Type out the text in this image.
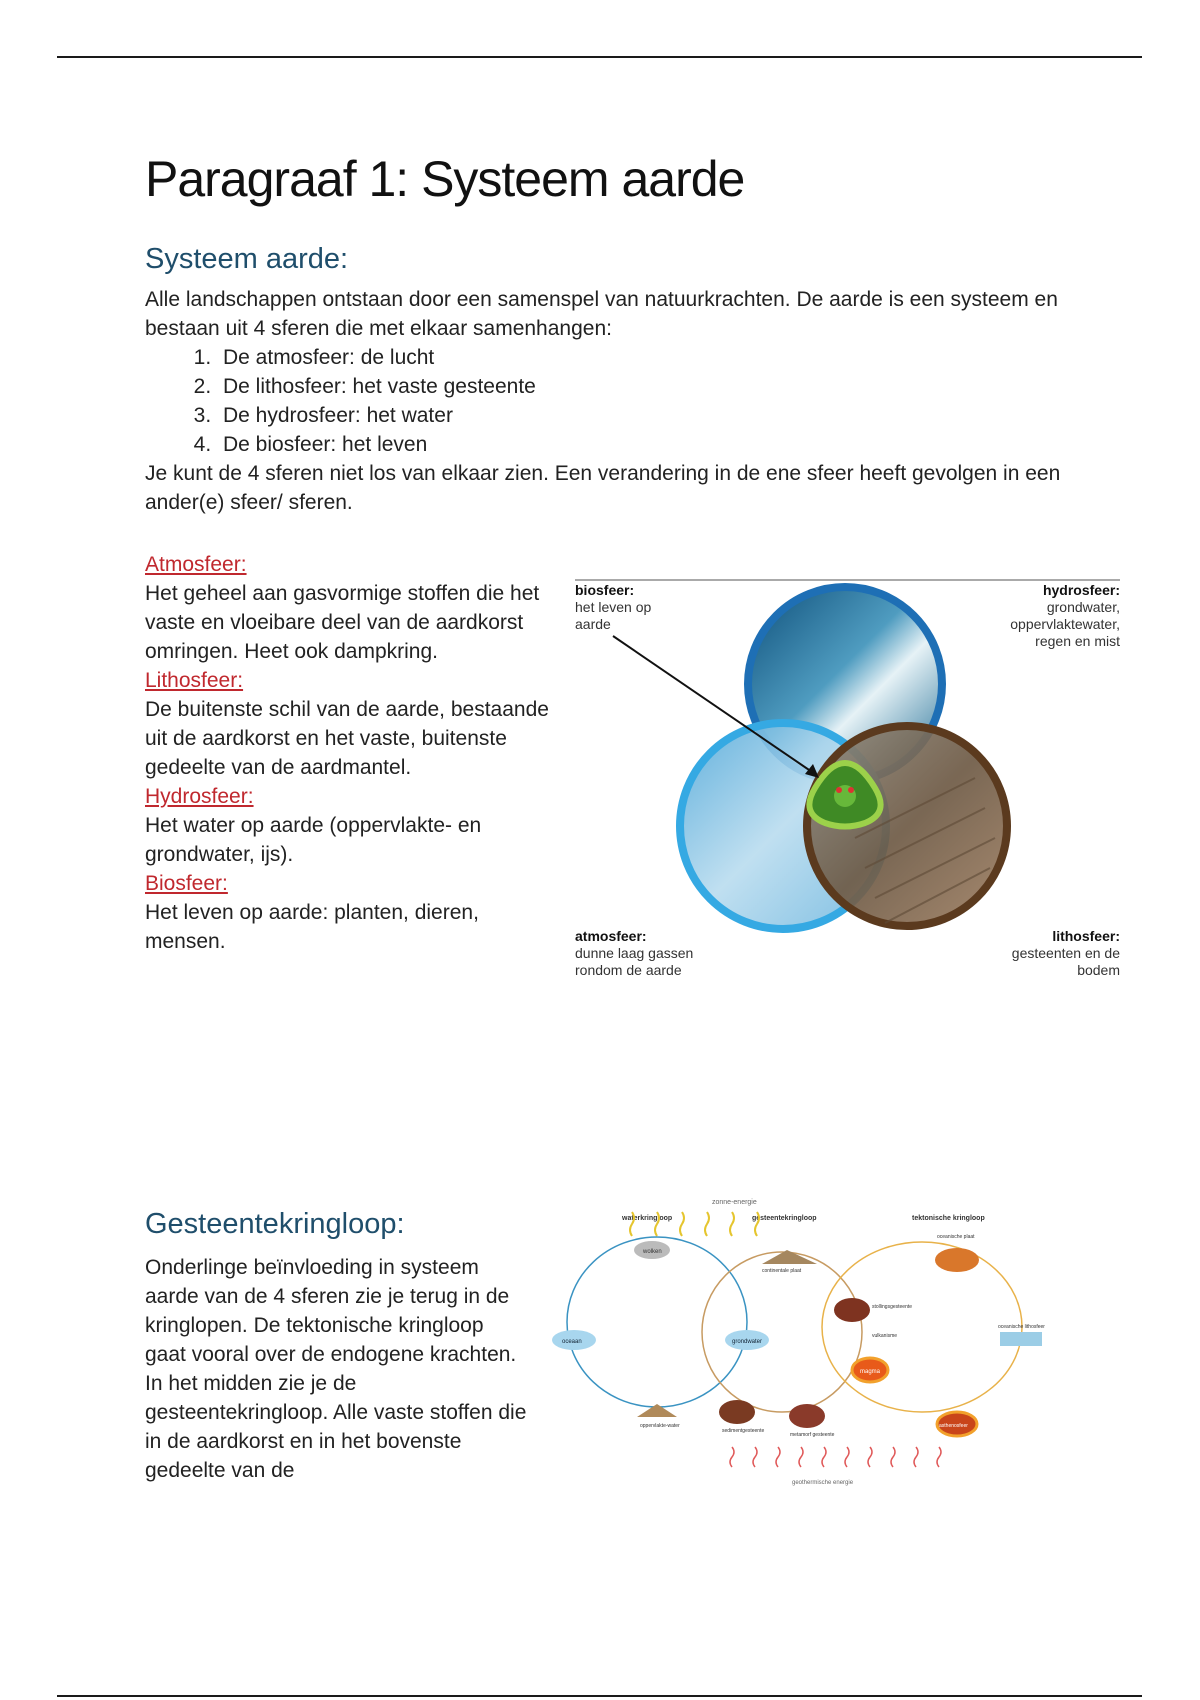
Paragraaf 1: Systeem aarde
Systeem aarde:

Alle landschappen ontstaan door een samenspel van natuurkrachten. De aarde is een systeem en bestaan uit 4 sferen die met elkaar samenhangen:

1. De atmosfeer: de lucht
2. De lithosfeer: het vaste gesteente
3. De hydrosfeer: het water
4. De biosfeer: het leven

Je kunt de 4 sferen niet los van elkaar zien. Een verandering in de ene sfeer heeft gevolgen in een ander(e) sfeer/ sferen.

Atmosfeer:
Het geheel aan gasvormige stoffen die het vaste en vloeibare deel van de aardkorst omringen. Heet ook dampkring.
Lithosfeer:
De buitenste schil van de aarde, bestaande uit de aardkorst en het vaste, buitenste gedeelte van de aardmantel.
Hydrosfeer:
Het water op aarde (oppervlakte- en grondwater, ijs).
Biosfeer:
Het leven op aarde: planten, dieren, mensen.
biosfeer:
het leven op aarde
hydrosfeer:
grondwater, oppervlaktewater, regen en mist
atmosfeer:
dunne laag gassen rondom de aarde
lithosfeer:
gesteenten en de bodem
Gesteentekringloop:

Onderlinge beïnvloeding in systeem aarde van de 4 sferen zie je terug in de kringlopen. De tektonische kringloop gaat vooral over de endogene krachten. In het midden zie je de gesteentekringloop. Alle vaste stoffen die in de aardkorst en in het bovenste gedeelte van de

zonne-energie
waterkringloop	gesteentekringloop	tektonische kringloop
wolken
oceaan	grondwater
oppervlakte-water
continentale plaat
oceanische plaat
oceanische lithosfeer
magma
asthenosfeer
sedimentgesteente
metamorf gesteente
stollingsgesteente
vulkanisme
geothermische energie
